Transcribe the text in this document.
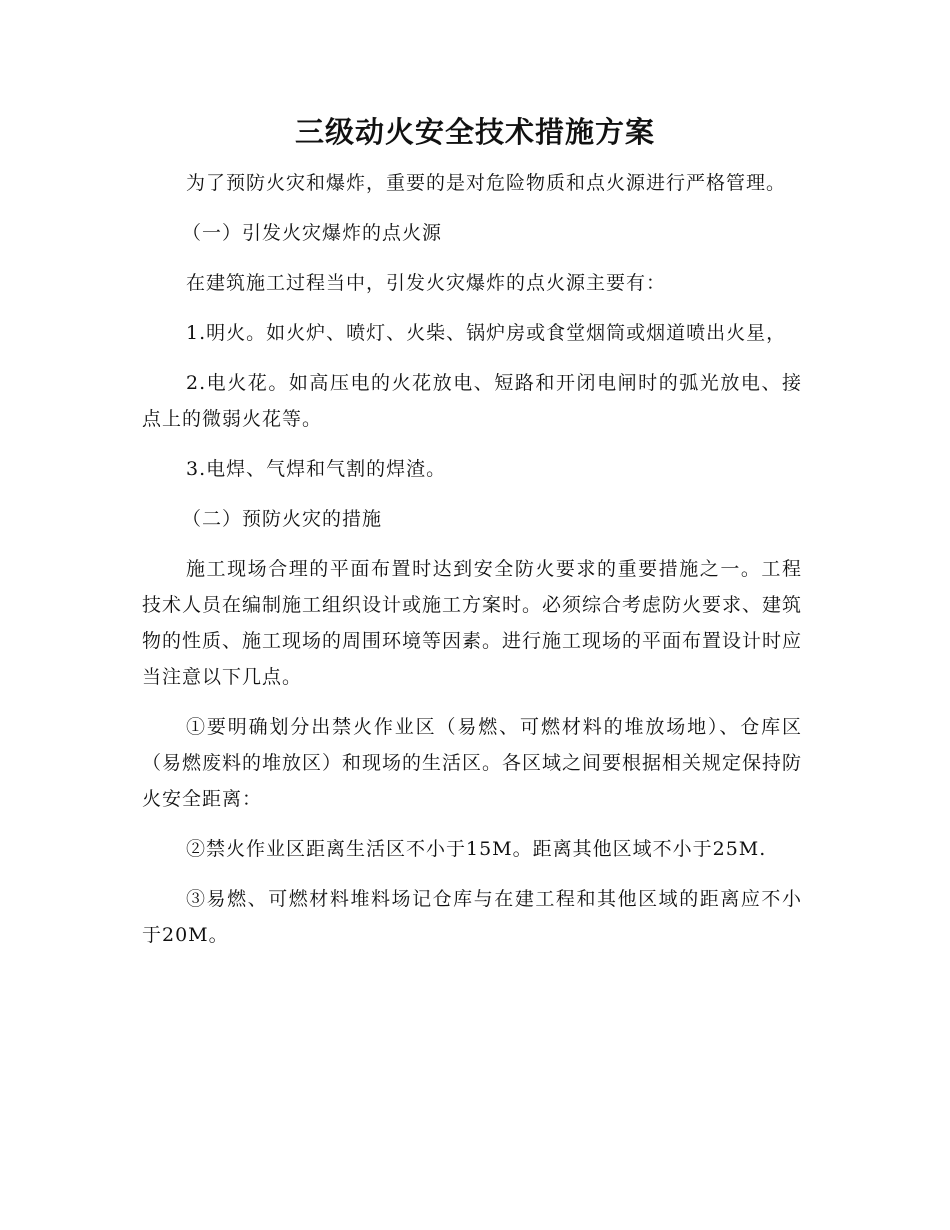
三级动火安全技术措施方案

为了预防火灾和爆炸，重要的是对危险物质和点火源进行严格管理。

（一）引发火灾爆炸的点火源

在建筑施工过程当中，引发火灾爆炸的点火源主要有：

1.明火。如火炉、喷灯、火柴、锅炉房或食堂烟筒或烟道喷出火星，

2.电火花。如高压电的火花放电、短路和开闭电闸时的弧光放电、接点上的微弱火花等。

3.电焊、气焊和气割的焊渣。

（二）预防火灾的措施

施工现场合理的平面布置时达到安全防火要求的重要措施之一。工程技术人员在编制施工组织设计或施工方案时。必须综合考虑防火要求、建筑物的性质、施工现场的周围环境等因素。进行施工现场的平面布置设计时应当注意以下几点。

①要明确划分出禁火作业区（易燃、可燃材料的堆放场地）、仓库区（易燃废料的堆放区）和现场的生活区。各区域之间要根据相关规定保持防火安全距离：

②禁火作业区距离生活区不小于15M。距离其他区域不小于25M.

③易燃、可燃材料堆料场记仓库与在建工程和其他区域的距离应不小于20M。
